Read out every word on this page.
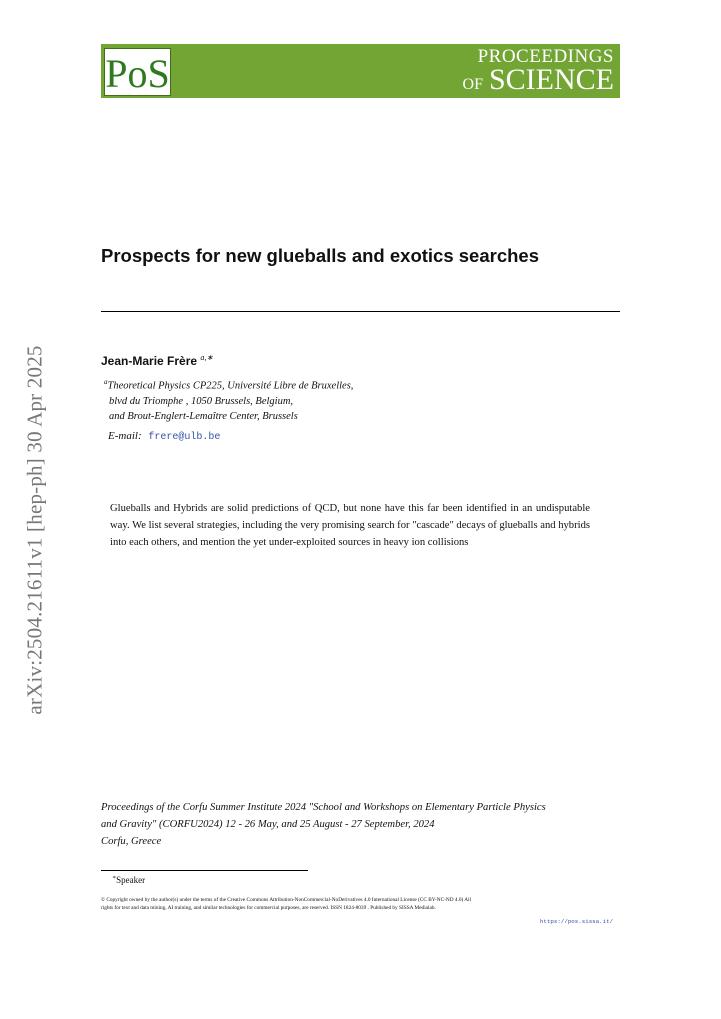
PoS	PROCEEDINGS
OF SCIENCE
arXiv:2504.21611v1 [hep-ph] 30 Apr 2025
Prospects for new glueballs and exotics searches
Jean-Marie Frère $^{a,∗}$
$^a$Theoretical Physics CP225, Université Libre de Bruxelles,
blvd du Triomphe , 1050 Brussels, Belgium,
and Brout-Englert-Lemaître Center, Brussels
E-mail: frere@ulb.be
Glueballs and Hybrids are solid predictions of QCD, but none have this far been identified in an undisputable way. We list several strategies, including the very promising search for "cascade" decays of glueballs and hybrids into each others, and mention the yet under-exploited sources in heavy ion collisions
Proceedings of the Corfu Summer Institute 2024 "School and Workshops on Elementary Particle Physics
and Gravity" (CORFU2024) 12 - 26 May, and 25 August - 27 September, 2024
Corfu, Greece
∗Speaker
© Copyright owned by the author(s) under the terms of the Creative Commons Attribution-NonCommercial-NoDerivatives 4.0 International License (CC BY-NC-ND 4.0) All rights for text and data mining, AI training, and similar technologies for commercial purposes, are reserved. ISSN 1824-8039 . Published by SISSA Medialab.
https://pos.sissa.it/
